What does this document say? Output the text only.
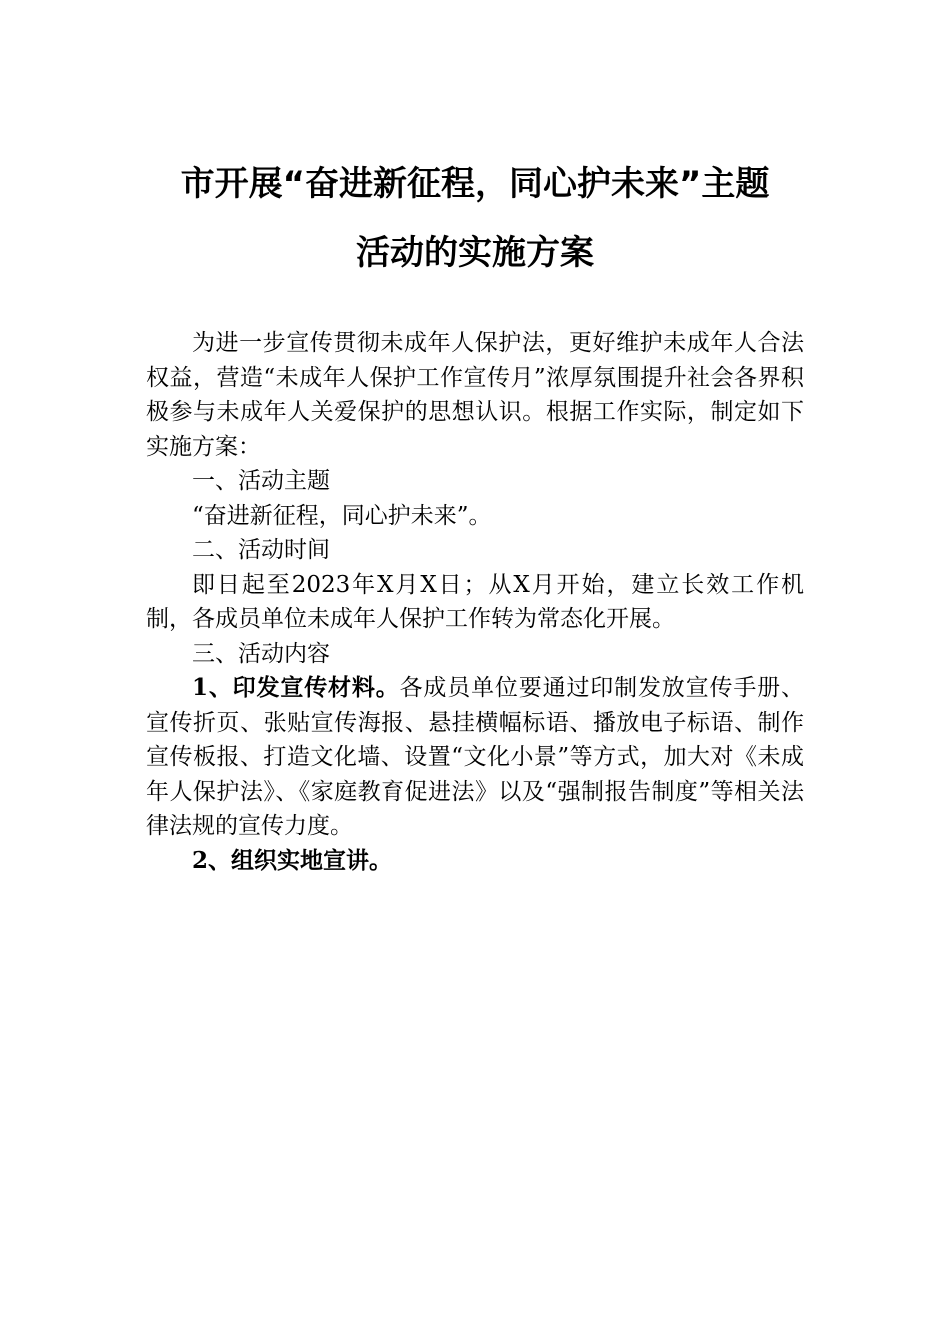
市开展“奋进新征程，同心护未来”主题
活动的实施方案

为进一步宣传贯彻未成年人保护法，更好维护未成年人合法权益，营造“未成年人保护工作宣传月”浓厚氛围提升社会各界积极参与未成年人关爱保护的思想认识。根据工作实际，制定如下实施方案：

一、活动主题

“奋进新征程，同心护未来”。

二、活动时间

即日起至2023年X月X日；从X月开始，建立长效工作机制，各成员单位未成年人保护工作转为常态化开展。

三、活动内容

1、印发宣传材料。各成员单位要通过印制发放宣传手册、宣传折页、张贴宣传海报、悬挂横幅标语、播放电子标语、制作宣传板报、打造文化墙、设置“文化小景”等方式，加大对《未成年人保护法》、《家庭教育促进法》以及“强制报告制度”等相关法律法规的宣传力度。

2、组织实地宣讲。
